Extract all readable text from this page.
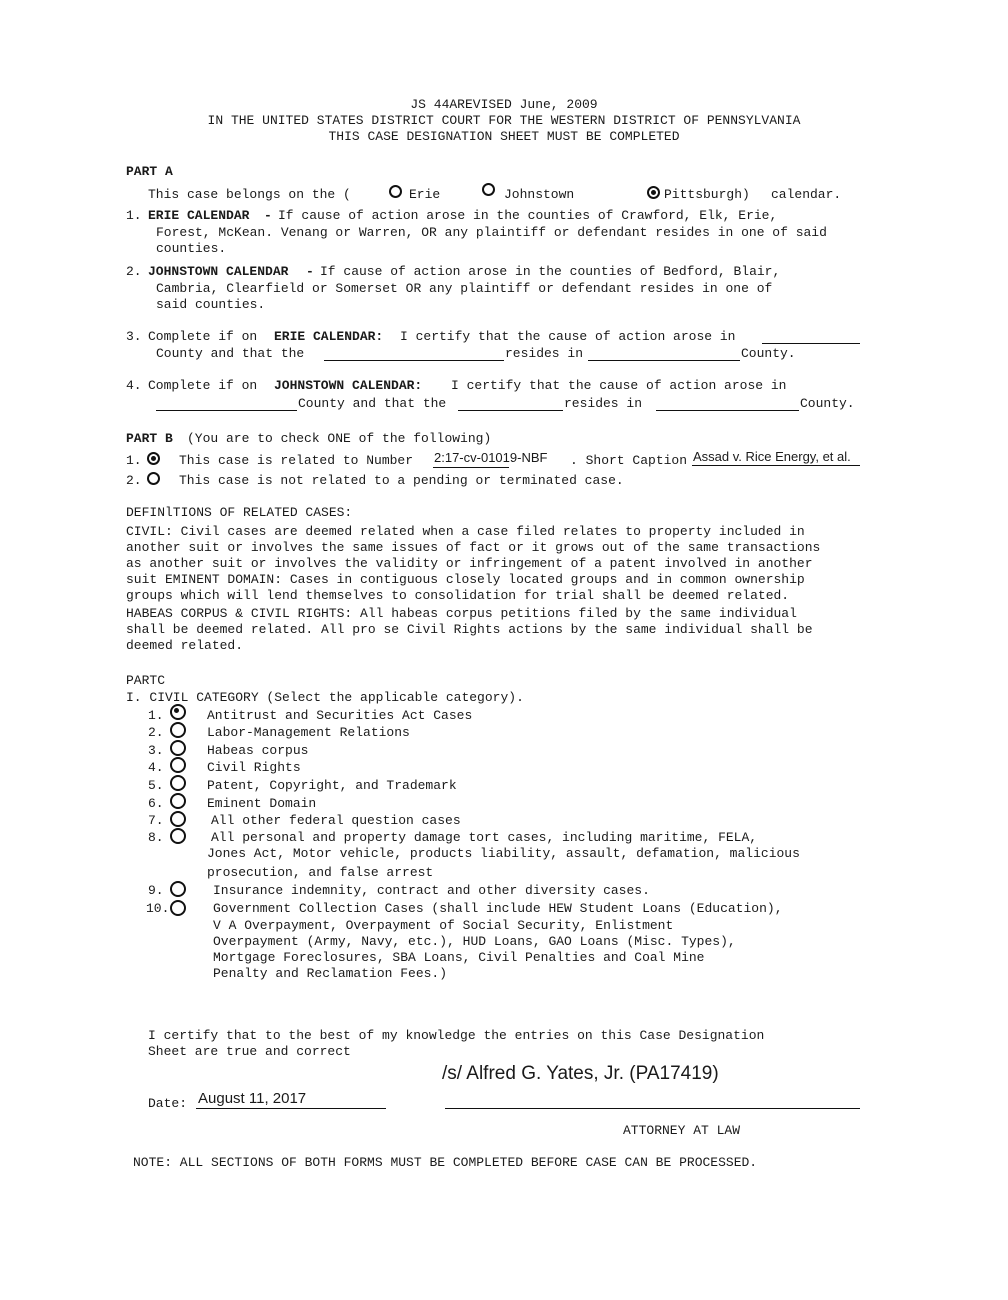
JS 44AREVISED June, 2009
IN THE UNITED STATES DISTRICT COURT FOR THE WESTERN DISTRICT OF PENNSYLVANIA
THIS CASE DESIGNATION SHEET MUST BE COMPLETED
PART A
This case belongs on the (	Erie	Johnstown	Pittsburgh) calendar.
1. ERIE CALENDAR - If cause of action arose in the counties of Crawford, Elk, Erie,
Forest, McKean. Venang or Warren, OR any plaintiff or defendant resides in one of said
counties.
2. JOHNSTOWN CALENDAR - If cause of action arose in the counties of Bedford, Blair,
Cambria, Clearfield or Somerset OR any plaintiff or defendant resides in one of
said counties.
3. Complete if on ERIE CALENDAR: I certify that the cause of action arose in
County and that the	resides in	County.
4. Complete if on JOHNSTOWN CALENDAR: I certify that the cause of action arose in
County and that the	resides in	County.
PART B (You are to check ONE of the following)
1.	This case is related to Number 2:17-cv-01019-NBF . Short Caption Assad v. Rice Energy, et al.
2.	This case is not related to a pending or terminated case.
DEFINlTIONS OF RELATED CASES:
CIVIL: Civil cases are deemed related when a case filed relates to property included in
another suit or involves the same issues of fact or it grows out of the same transactions
as another suit or involves the validity or infringement of a patent involved in another
suit EMINENT DOMAIN: Cases in contiguous closely located groups and in common ownership
groups which will lend themselves to consolidation for trial shall be deemed related.
HABEAS CORPUS & CIVIL RIGHTS: All habeas corpus petitions filed by the same individual
shall be deemed related. All pro se Civil Rights actions by the same individual shall be
deemed related.
PARTC
I. CIVIL CATEGORY (Select the applicable category).
1.	Antitrust and Securities Act Cases
2.	Labor-Management Relations
3.	Habeas corpus
4.	Civil Rights
5.	Patent, Copyright, and Trademark
6.	Eminent Domain
7.	All other federal question cases
8.	All personal and property damage tort cases, including maritime, FELA,
Jones Act, Motor vehicle, products liability, assault, defamation, malicious
prosecution, and false arrest
9.	Insurance indemnity, contract and other diversity cases.
10.	Government Collection Cases (shall include HEW Student Loans (Education),
V A Overpayment, Overpayment of Social Security, Enlistment
Overpayment (Army, Navy, etc.), HUD Loans, GAO Loans (Misc. Types),
Mortgage Foreclosures, SBA Loans, Civil Penalties and Coal Mine
Penalty and Reclamation Fees.)
I certify that to the best of my knowledge the entries on this Case Designation
Sheet are true and correct
/s/ Alfred G. Yates, Jr. (PA17419)
Date: August 11, 2017
ATTORNEY AT LAW
NOTE: ALL SECTIONS OF BOTH FORMS MUST BE COMPLETED BEFORE CASE CAN BE PROCESSED.
